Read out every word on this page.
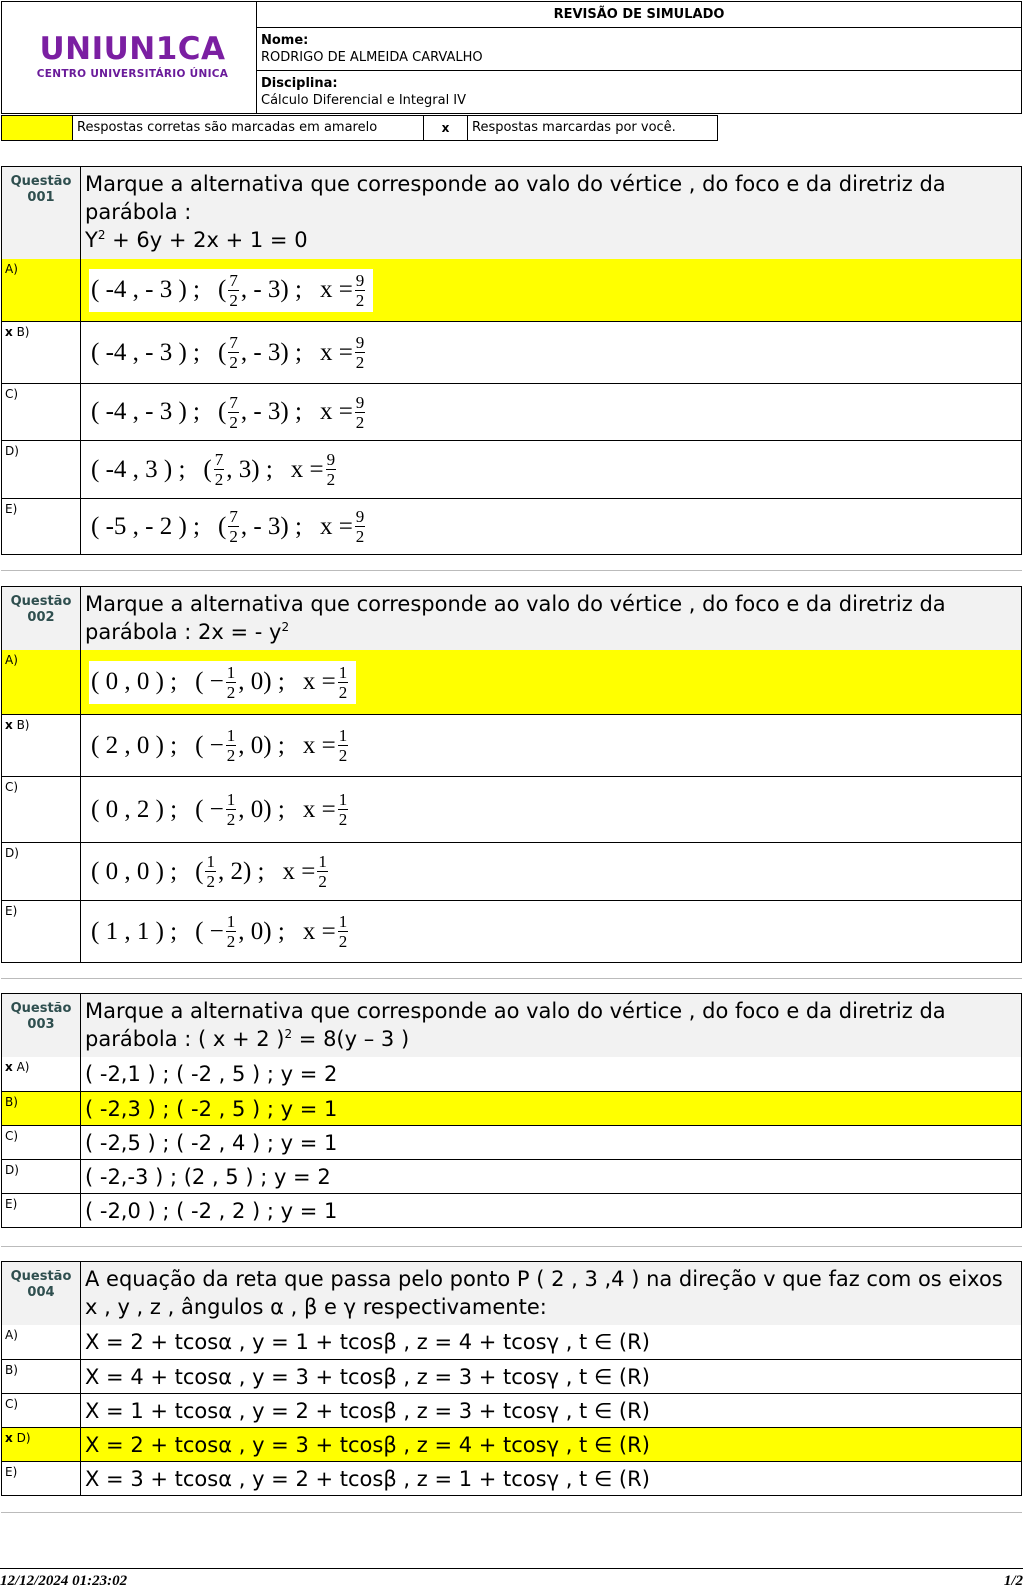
UNIUN1CA
CENTRO UNIVERSITÁRIO ÚNICA
REVISÃO DE SIMULADO
Nome:
RODRIGO DE ALMEIDA CARVALHO
Disciplina:
Cálculo Diferencial e Integral IV
Respostas corretas são marcadas em amarelo	x	Respostas marcardas por você.
Questão
001
Marque a alternativa que corresponde ao valo do vértice , do foco e da diretriz da
parábola :
$Y^2 + 6y + 2x + 1 = 0$
A)
( -4 , - 3 ) ; ( $\frac{7}{2}$ , - 3) ; $x = \frac{9}{2}$
x B)
( -4 , - 3 ) ; ( $\frac{7}{2}$ , - 3) ; $x = \frac{9}{2}$
C)
( -4 , - 3 ) ; ( $\frac{7}{2}$ , - 3) ; $x = \frac{9}{2}$
D)
( -4 , 3 ) ; ( $\frac{7}{2}$ , 3) ; $x = \frac{9}{2}$
E)
( -5 , - 2 ) ; ( $\frac{7}{2}$ , - 3) ; $x = \frac{9}{2}$
Questão
002
Marque a alternativa que corresponde ao valo do vértice , do foco e da diretriz da
parábola : 2x = - $y^2$
A)
( 0 , 0 ) ; ( − $\frac{1}{2}$ , 0) ; $x = \frac{1}{2}$
x B)
( 2 , 0 ) ; ( − $\frac{1}{2}$ , 0) ; $x = \frac{1}{2}$
C)
( 0 , 2 ) ; ( − $\frac{1}{2}$ , 0) ; $x = \frac{1}{2}$
D)
( 0 , 0 ) ; ( $\frac{1}{2}$ , 2) ; $x = \frac{1}{2}$
E)
( 1 , 1 ) ; ( − $\frac{1}{2}$ , 0) ; $x = \frac{1}{2}$
Questão
003
Marque a alternativa que corresponde ao valo do vértice , do foco e da diretriz da
parábola : ( x + 2 )$^2$ = 8(y – 3 )
x A)	( -2,1 ) ; ( -2 , 5 ) ; y = 2
B)	( -2,3 ) ; ( -2 , 5 ) ; y = 1
C)	( -2,5 ) ; ( -2 , 4 ) ; y = 1
D)	( -2,-3 ) ; (2 , 5 ) ; y = 2
E)	( -2,0 ) ; ( -2 , 2 ) ; y = 1
Questão
004
A equação da reta que passa pelo ponto P ( 2 , 3 ,4 ) na direção v que faz com os eixos
x , y , z , ângulos α , β e γ respectivamente:
A)	X = 2 + tcosα , y = 1 + tcosβ , z = 4 + tcosγ , t ∈ (R)
B)	X = 4 + tcosα , y = 3 + tcosβ , z = 3 + tcosγ , t ∈ (R)
C)	X = 1 + tcosα , y = 2 + tcosβ , z = 3 + tcosγ , t ∈ (R)
x D)	X = 2 + tcosα , y = 3 + tcosβ , z = 4 + tcosγ , t ∈ (R)
E)	X = 3 + tcosα , y = 2 + tcosβ , z = 1 + tcosγ , t ∈ (R)
12/12/2024 01:23:02	1/2
